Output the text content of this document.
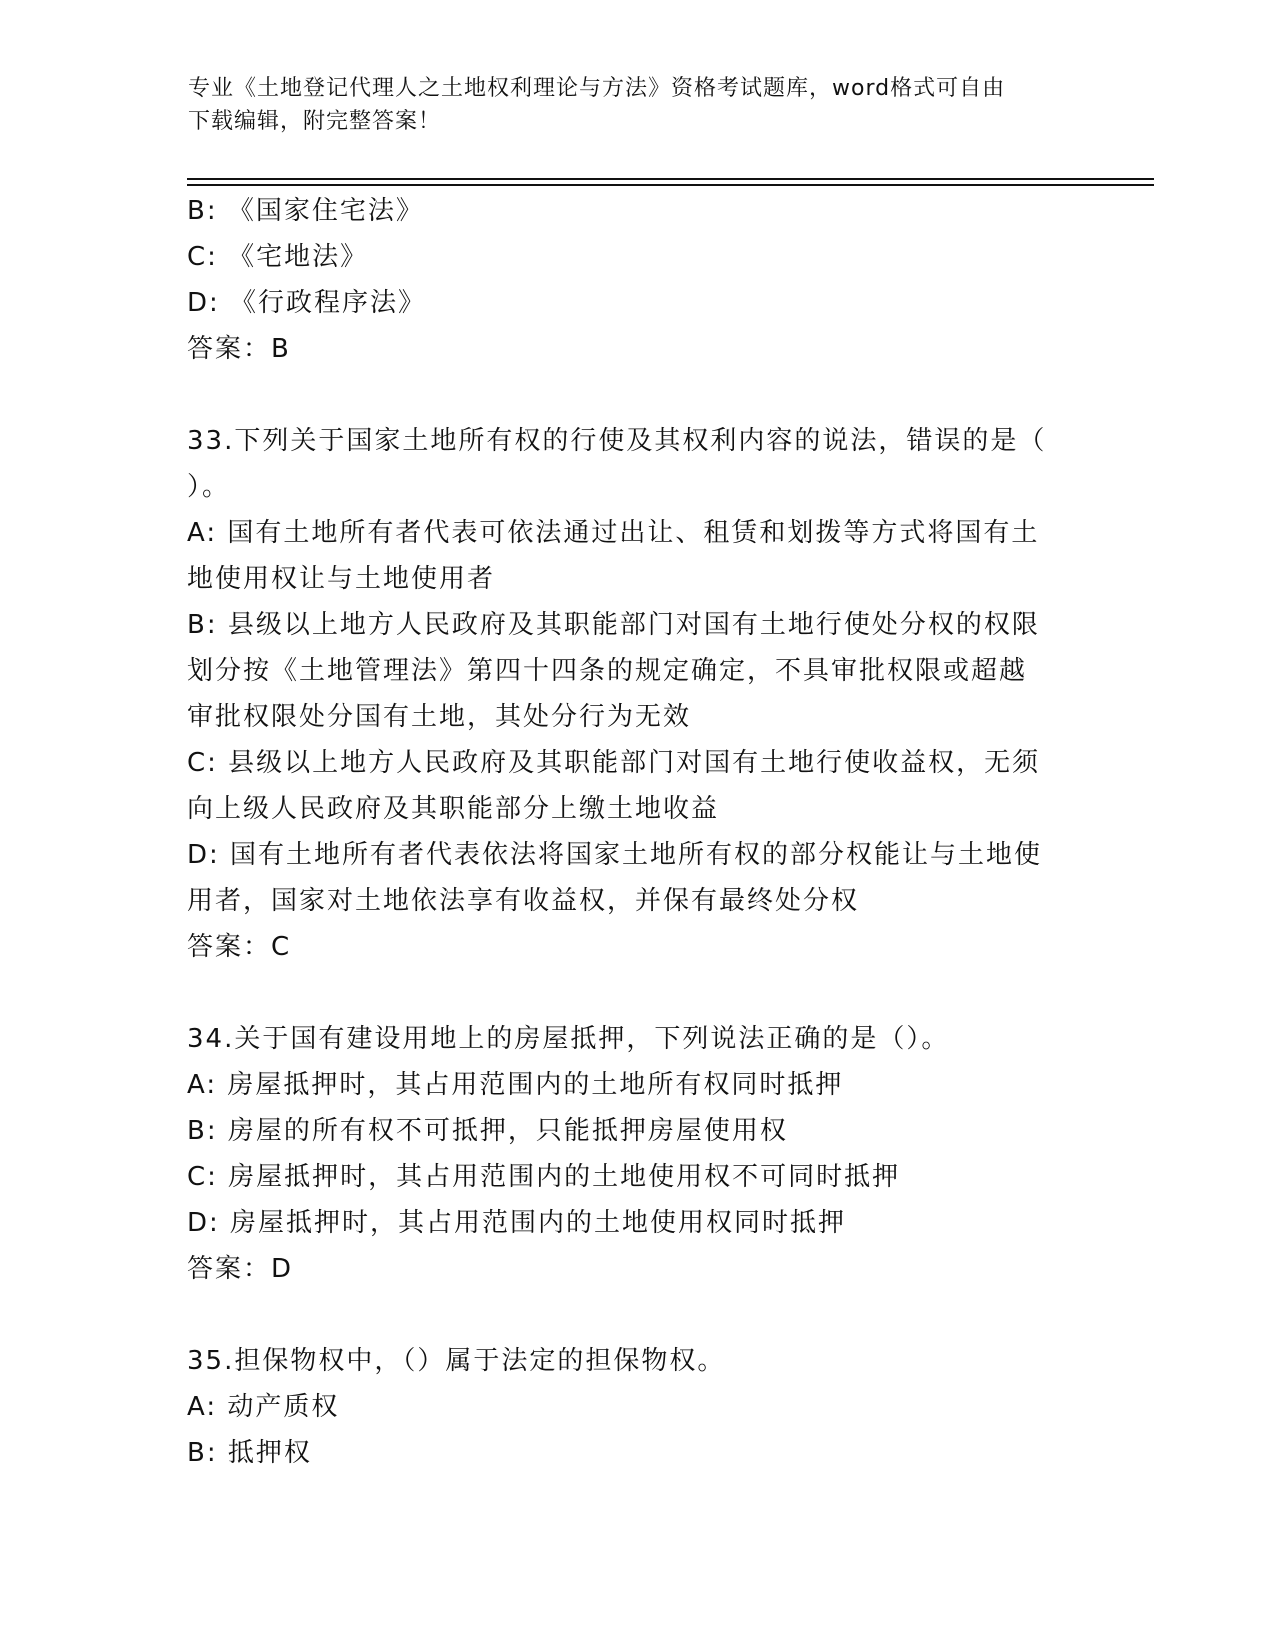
专业《土地登记代理人之土地权利理论与方法》资格考试题库，word格式可自由
下载编辑，附完整答案！
B: 《国家住宅法》
C: 《宅地法》
D: 《行政程序法》
答案：B
33.下列关于国家土地所有权的行使及其权利内容的说法，错误的是（
）。
A: 国有土地所有者代表可依法通过出让、租赁和划拨等方式将国有土
地使用权让与土地使用者
B: 县级以上地方人民政府及其职能部门对国有土地行使处分权的权限
划分按《土地管理法》第四十四条的规定确定，不具审批权限或超越
审批权限处分国有土地，其处分行为无效
C: 县级以上地方人民政府及其职能部门对国有土地行使收益权，无须
向上级人民政府及其职能部分上缴土地收益
D: 国有土地所有者代表依法将国家土地所有权的部分权能让与土地使
用者，国家对土地依法享有收益权，并保有最终处分权
答案：C
34.关于国有建设用地上的房屋抵押，下列说法正确的是（）。
A: 房屋抵押时，其占用范围内的土地所有权同时抵押
B: 房屋的所有权不可抵押，只能抵押房屋使用权
C: 房屋抵押时，其占用范围内的土地使用权不可同时抵押
D: 房屋抵押时，其占用范围内的土地使用权同时抵押
答案：D
35.担保物权中，（）属于法定的担保物权。
A: 动产质权
B: 抵押权
